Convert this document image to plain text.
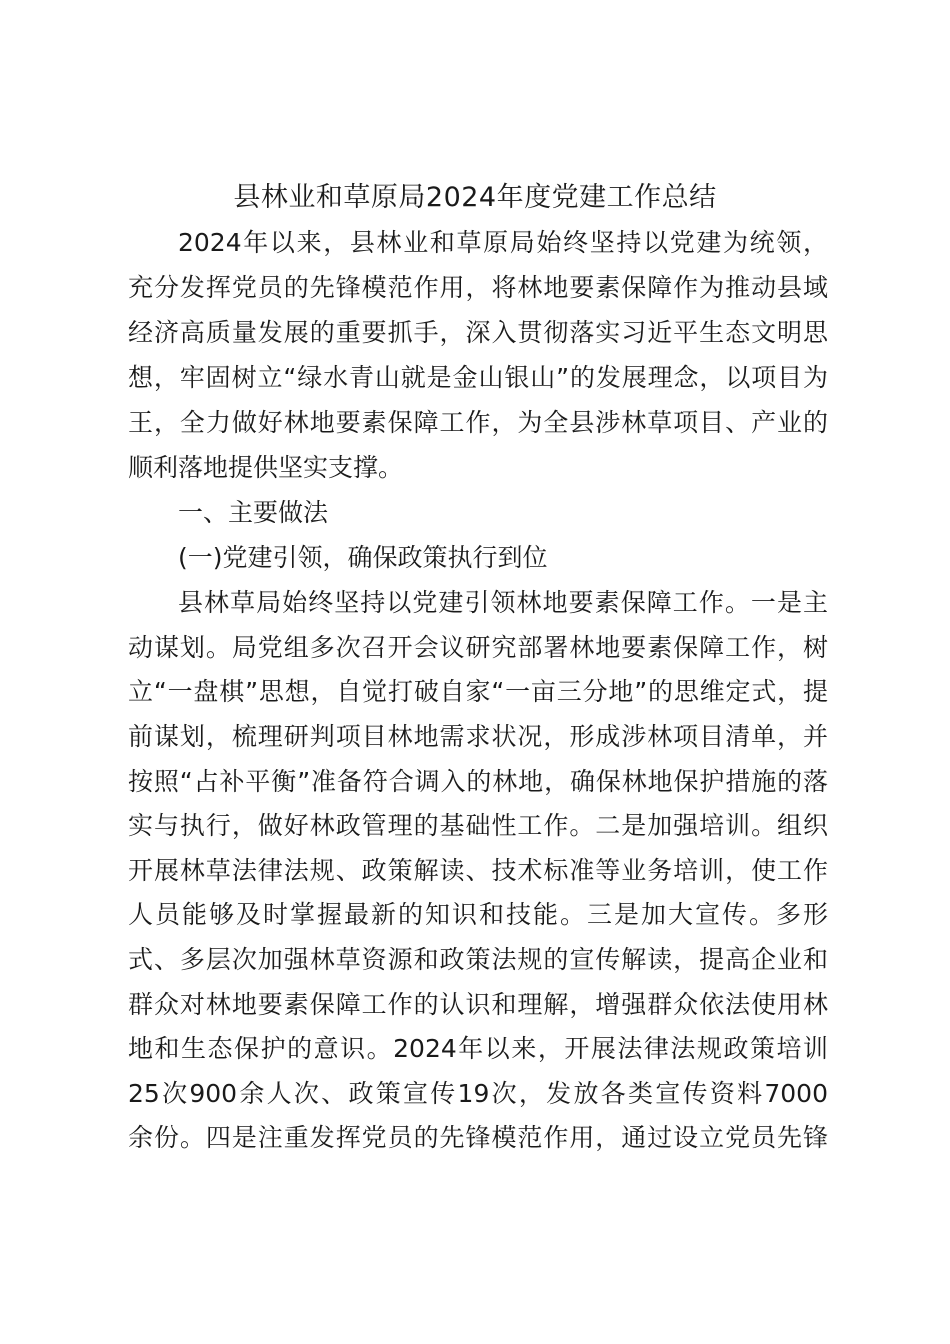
县林业和草原局2024年度党建工作总结
2024年以来，县林业和草原局始终坚持以党建为统领，
充分发挥党员的先锋模范作用，将林地要素保障作为推动县域
经济高质量发展的重要抓手，深入贯彻落实习近平生态文明思
想，牢固树立“绿水青山就是金山银山”的发展理念，以项目为
王，全力做好林地要素保障工作，为全县涉林草项目、产业的
顺利落地提供坚实支撑。
一、主要做法
(一)党建引领，确保政策执行到位
县林草局始终坚持以党建引领林地要素保障工作。一是主
动谋划。局党组多次召开会议研究部署林地要素保障工作，树
立“一盘棋”思想，自觉打破自家“一亩三分地”的思维定式，提
前谋划，梳理研判项目林地需求状况，形成涉林项目清单，并
按照“占补平衡”准备符合调入的林地，确保林地保护措施的落
实与执行，做好林政管理的基础性工作。二是加强培训。组织
开展林草法律法规、政策解读、技术标准等业务培训，使工作
人员能够及时掌握最新的知识和技能。三是加大宣传。多形
式、多层次加强林草资源和政策法规的宣传解读，提高企业和
群众对林地要素保障工作的认识和理解，增强群众依法使用林
地和生态保护的意识。2024年以来，开展法律法规政策培训
25次900余人次、政策宣传19次，发放各类宣传资料7000
余份。四是注重发挥党员的先锋模范作用，通过设立党员先锋
